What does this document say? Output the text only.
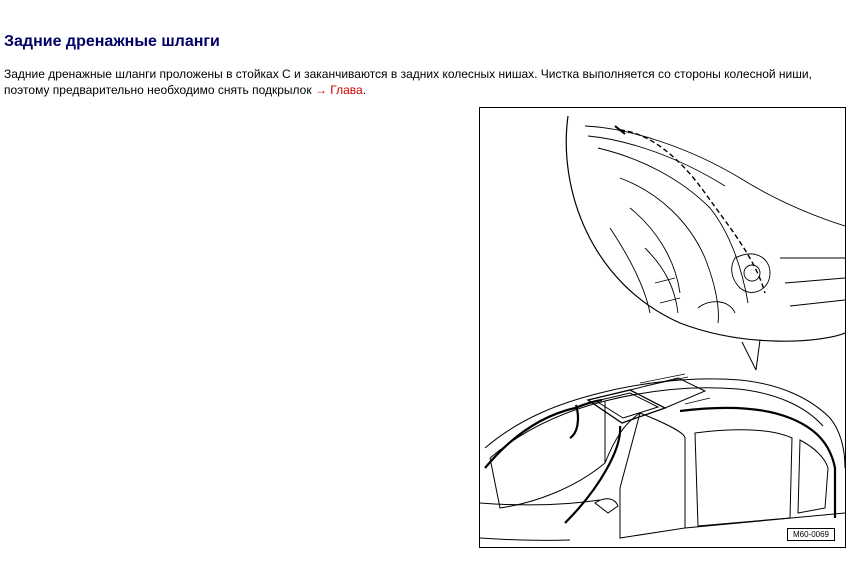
Задние дренажные шланги

Задние дренажные шланги проложены в стойках С и заканчиваются в задних колесных нишах. Чистка выполняется со стороны колесной ниши, поэтому предварительно необходимо снять подкрылок → Глава.

M60-0069
